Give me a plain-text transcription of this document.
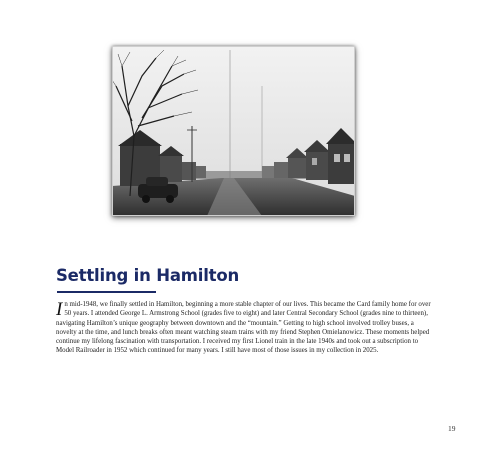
Settling in Hamilton

In mid-1948, we finally settled in Hamilton, beginning a more stable chapter of our lives. This became the Card family home for over 50 years. I attended George L. Armstrong School (grades five to eight) and later Central Secondary School (grades nine to thirteen), navigating Hamilton’s unique geography between downtown and the “mountain.” Getting to high school involved trolley buses, a novelty at the time, and lunch breaks often meant watching steam trains with my friend Stephen Omielanowicz. These moments helped continue my lifelong fascination with transportation. I received my first Lionel train in the late 1940s and took out a subscription to Model Railroader in 1952 which continued for many years. I still have most of those issues in my collection in 2025.

19
